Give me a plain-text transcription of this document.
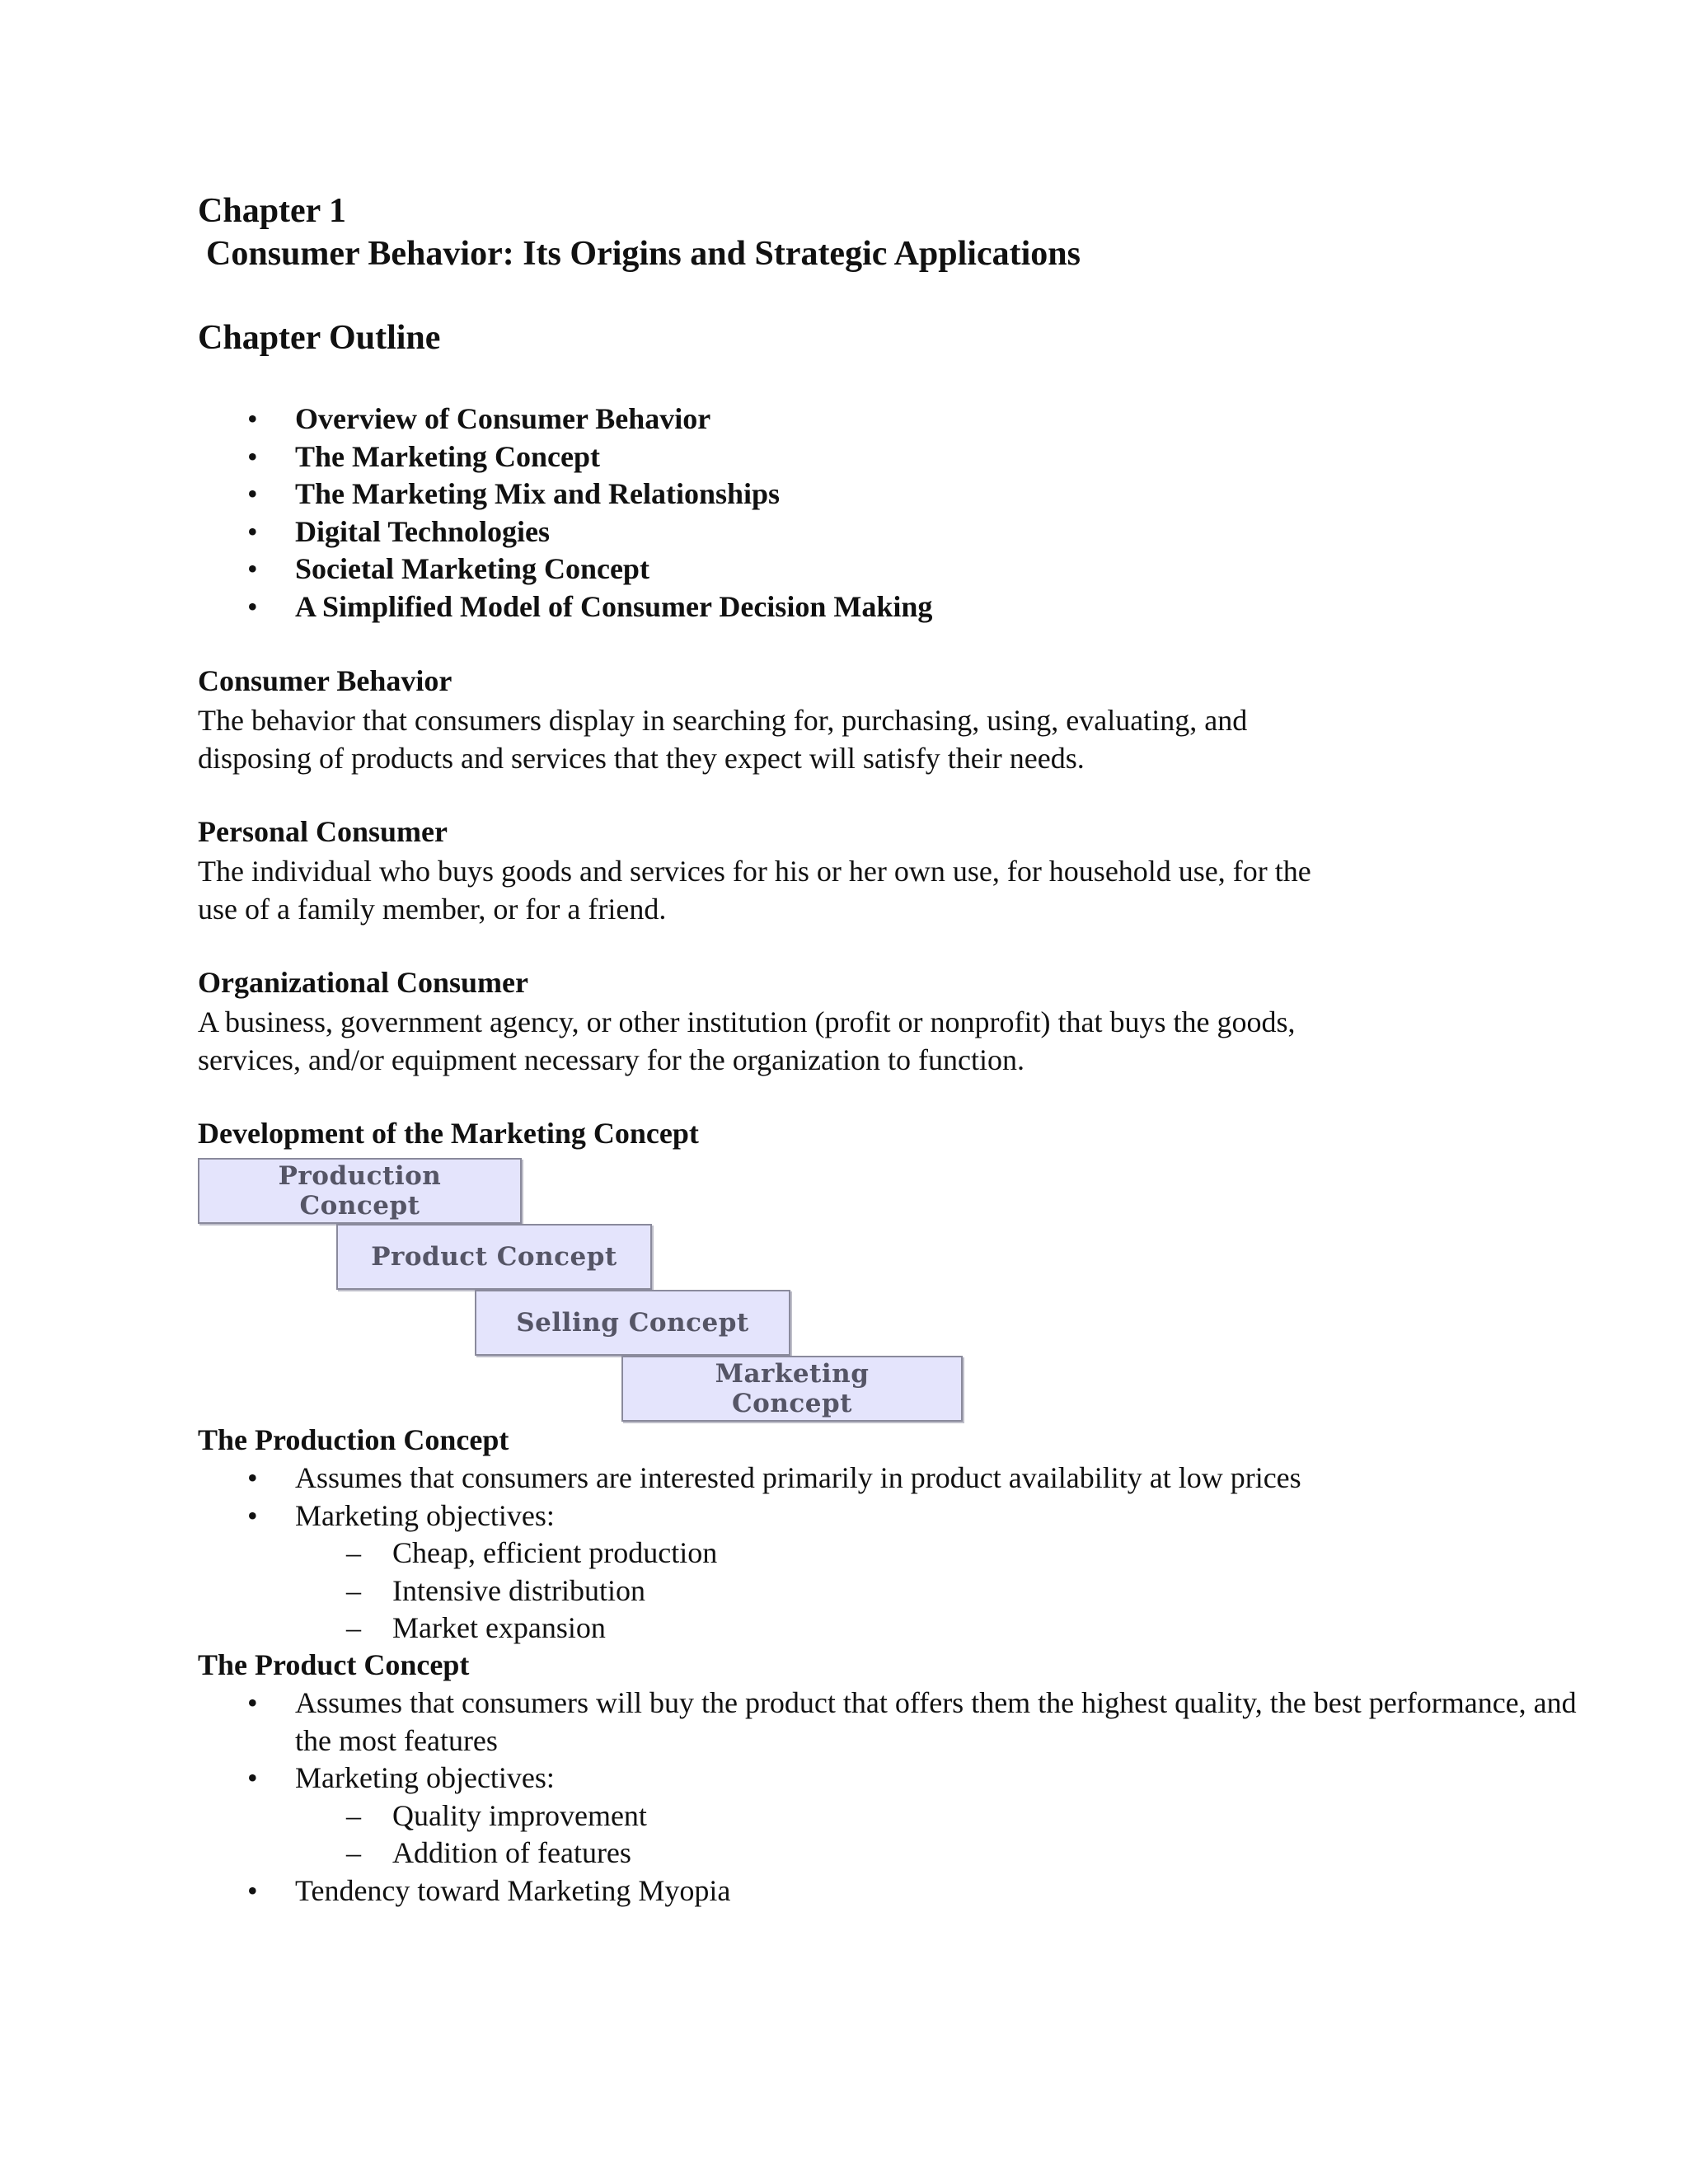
Chapter 1
Consumer Behavior: Its Origins and Strategic Applications
Chapter Outline
• Overview of Consumer Behavior
• The Marketing Concept
• The Marketing Mix and Relationships
• Digital Technologies
• Societal Marketing Concept
• A Simplified Model of Consumer Decision Making
Consumer Behavior
The behavior that consumers display in searching for, purchasing, using, evaluating, and
disposing of products and services that they expect will satisfy their needs.
Personal Consumer
The individual who buys goods and services for his or her own use, for household use, for the
use of a family member, or for a friend.
Organizational Consumer
A business, government agency, or other institution (profit or nonprofit) that buys the goods,
services, and/or equipment necessary for the organization to function.
Development of the Marketing Concept
Production
Concept
Product Concept
Selling Concept
Marketing
Concept
The Production Concept
• Assumes that consumers are interested primarily in product availability at low prices
• Marketing objectives:
– Cheap, efficient production
– Intensive distribution
– Market expansion
The Product Concept
• Assumes that consumers will buy the product that offers them the highest quality, the best performance, and the most features
• Marketing objectives:
– Quality improvement
– Addition of features
• Tendency toward Marketing Myopia
